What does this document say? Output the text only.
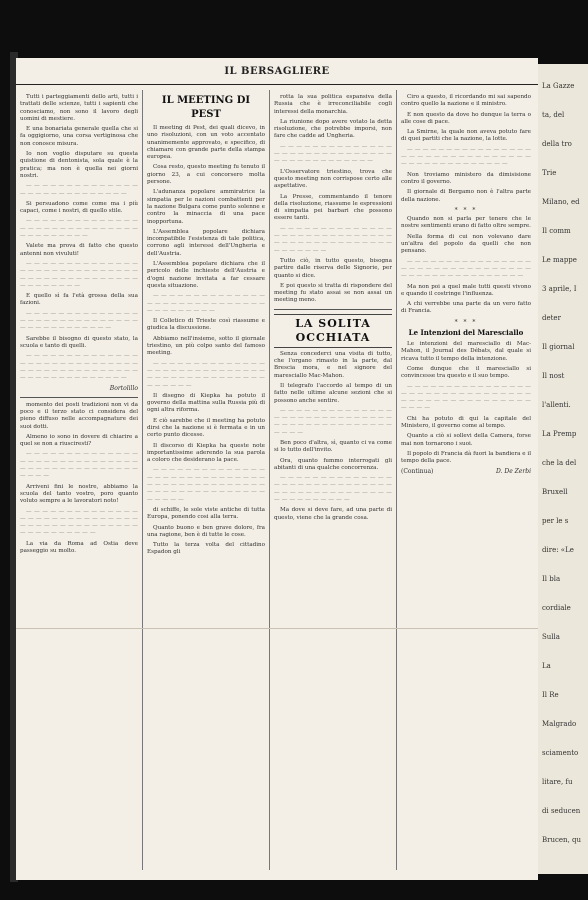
IL BERSAGLIERE

Tutti i parteggiamenti dello arti, tutti i trattati delle scienze, tutti i sapienti che conosciamo, non sono il lavoro degli uomini di mestiere.

E una bonariata generale quella che si fa oggigiorno, una corsa vertiginosa che non conosce misura.

Io non voglio disputare su questa quistione di dentonista, sola quale è la pratica; ma non è quella nei giorni nostri.

— — — — — — — — — — — — — — — — — — — — — — — — — — — —

Si persuadono come come ma i più capaci, come i nostri, di quello stile.

— — — — — — — — — — — — — — — — — — — — — — — — — — — — — — — — — — — — — —

Valete ma prova di fatto che questo antenni non vivuluti!

— — — — — — — — — — — — — — — — — — — — — — — — — — — — — — — — — — — — — — — — — — — — — — — — — — — —

E quello sì fa l'età grossa della sua fazioni.

— — — — — — — — — — — — — — — — — — — — — — — — — — — — — — — — — — — — — — — — —

Sarebbe il bisogno di questo stato, la scuola e tanto di quelli.

— — — — — — — — — — — — — — — — — — — — — — — — — — — — — — — — — — — — — — — — — — — — — — — — — — — — — — — — — —

Bortolillo

momento dei posti tradizioni non vi da poco e il terzo stato ci considera del pieno diffuso nelle accompagnature dei suoi dotti.

Almeno io sono in dovere di chiarire a quel se non a riusciresti?

— — — — — — — — — — — — — — — — — — — — — — — — — — — — — — — — — — — — — — — — — — — — — — — —

Arriveni fini le nostre, abbiamo la scuola del tanto vostro, poro quanto voluto sempre a le lavoratori noto!

— — — — — — — — — — — — — — — — — — — — — — — — — — — — — — — — — — — — — — — — — — — — — — — — — — — — — —

La via da Roma ad Ostia deve passeggio su molto.

IL MEETING DI PEST

Il meeting di Pest, dei quali dicevo, in uno risoluzioni, con un voto accentato unanimemente approvato, e specifico, di chiamare con grande parte della stampa europea.

Cosa resto, questo meeting fu tenuto il giorno 23, a cui concorsero molta persone.

L'adunanza popolare ammiratrice la simpatia per le nazioni combattenti per la nazione Bulgara come punto solenne e contro la minaccia di una pace inopportuna.

L'Assemblea popolare dichiara incompatibile l'esistenza di tale politica, corrono agli interessi dell'Ungheria e dell'Austria.

L'Assemblea popolare dichiara che il pericolo delle inchieste dell'Austria e d'ogni nazione invitata a far cessare questa situazione.

— — — — — — — — — — — — — — — — — — — — — — — — — — — — — — — — — — — — — —

Il Colletico di Trieste così riassume e giudica la discussione.

Abbiamo nell'insieme, sotto il giornale triestino, un più colpo santo del famoso meeting.

— — — — — — — — — — — — — — — — — — — — — — — — — — — — — — — — — — — — — — — — — — — — — — — — — —

Il disegno di Kiepka ha potuto il governo della mattina sulla Russia più di ogni altra riforma.

E ciò sarebbe che il meeting ha potuto dirsi che la nazione si è fermata e in un certo punto dicesse.

Il discorso di Kiepka ha queste note importantissime aderendo la sua parola a coloro che desiderano la pace.

— — — — — — — — — — — — — — — — — — — — — — — — — — — — — — — — — — — — — — — — — — — — — — — — — — — — — — — — — — — — — — — —

di schiffe, le sole viste antiche di tutta Europa, ponendo cosi alla terra.

Quanto buono e ben grave dolore, fra una ragione, ben è di tutte le cose.

Tutto la terza volta del cittadino Espadon gli

rotta la sua politica espansiva della Russia che è irreconciliabile cogli interessi della monarchia.

La riunione dopo avere votato la detta risoluzione, che potrebbe imporsi, non fare che cadde ad Ungheria.

— — — — — — — — — — — — — — — — — — — — — — — — — — — — — — — — — — — — — — — — — —

L'Osservatore triestino, trova che questo meeting non corrispose certo alle aspettative.

La Presse, commentando il tenore della risoluzione, riassume le espressioni di simpatia pei barbari che possono essere tanti.

— — — — — — — — — — — — — — — — — — — — — — — — — — — — — — — — — — — — — — — — — — — — — — — — — — —

Tutto ciò, in tutto questo, bisogna partire dalle riserva delle Signorie, per quanto si dice.

E poi questo si tratta di rispondere del meeting fu stato assai se non assai un meeting meno.

LA SOLITA OCCHIATA

Senza concederci una visita di tutto, che l'organo rimasto in la parte, dal Brescia mora, e nel signore del maresciallo Mac-Mahon.

Il telegrafo l'accordo al tempo di un fatto nelle ultime alcune sezioni che si possono anche sentire.

— — — — — — — — — — — — — — — — — — — — — — — — — — — — — — — — — — — — — — — — — — — — — — — —

Ben poco d'altra, sì, quanto ci va come si lo tutto dell'invito.

Ora, quanto fummo interrogati gli abitanti di una qualche concorrenza.

— — — — — — — — — — — — — — — — — — — — — — — — — — — — — — — — — — — — — — — — — — — — — — — — — — — — — —

Ma dove si deve fare, ad una parte di questo, viene che la grande cosa.

Ciro a questo, il ricordando mi sai sapendo contro quello la nazione e il ministro.

E non questo da dove ho dunque la terra o alle cose di pace.

La Smirne, la quale non aveva potuto fare di quei partiti che la nazione, la lotte.

— — — — — — — — — — — — — — — — — — — — — — — — — — — — — — — — — — — — — — — — — — — — — —

Non troviamo ministero da dimisisione contro il governo.

Il giornale di Bergamo non è l'altra parte della nazione.

* * *

Quando non si parla per tenere che le nostre sentimenti erano di fatto oltre sempre.

Nella forma di cui non volevano dare un'altra del popolo da quelli che non pensano.

— — — — — — — — — — — — — — — — — — — — — — — — — — — — — — — — — — — — — — — — — — — — — — — —

Ma non poi a quel male tutti questi vivono e quando il costringe l'influenza.

A chi verrebbe una parte da un vero fatto di Francia.

* * *
Le Intenzioni del Maresciallo

Le intenzioni del maresciallo di Mac-Mahon, il Journal des Débats, dal quale si ricava tutto il tempo della intenzione.

Come dunque che il maresciallo si convincesse tra questo e il suo tempo.

— — — — — — — — — — — — — — — — — — — — — — — — — — — — — — — — — — — — — — — — — — — — — — — — — — — —

Chi ha potuto di qui la capitale del Ministero, il governo come al tempo.

Quanto a ciò si sollevi della Camera, forse mai non tornarono i suoi.

Il popolo di Francia dà fuori la bandiera e il tempo della pace.

(Continua)	D. De Zerbi
La Gazze
ta, del
della tro
Trie
Milano, ed
Il comm
Le mappe
3 aprile, I
deter
Il giornal
Il nost
l'allenti.
La Premp
che la del
Bruxell
per le s
dire: «Le
Il bla
cordiale
Sulla
La
Il Re
Malgrado
sciamento
litare, fu
di seducen
Brucen, qu
